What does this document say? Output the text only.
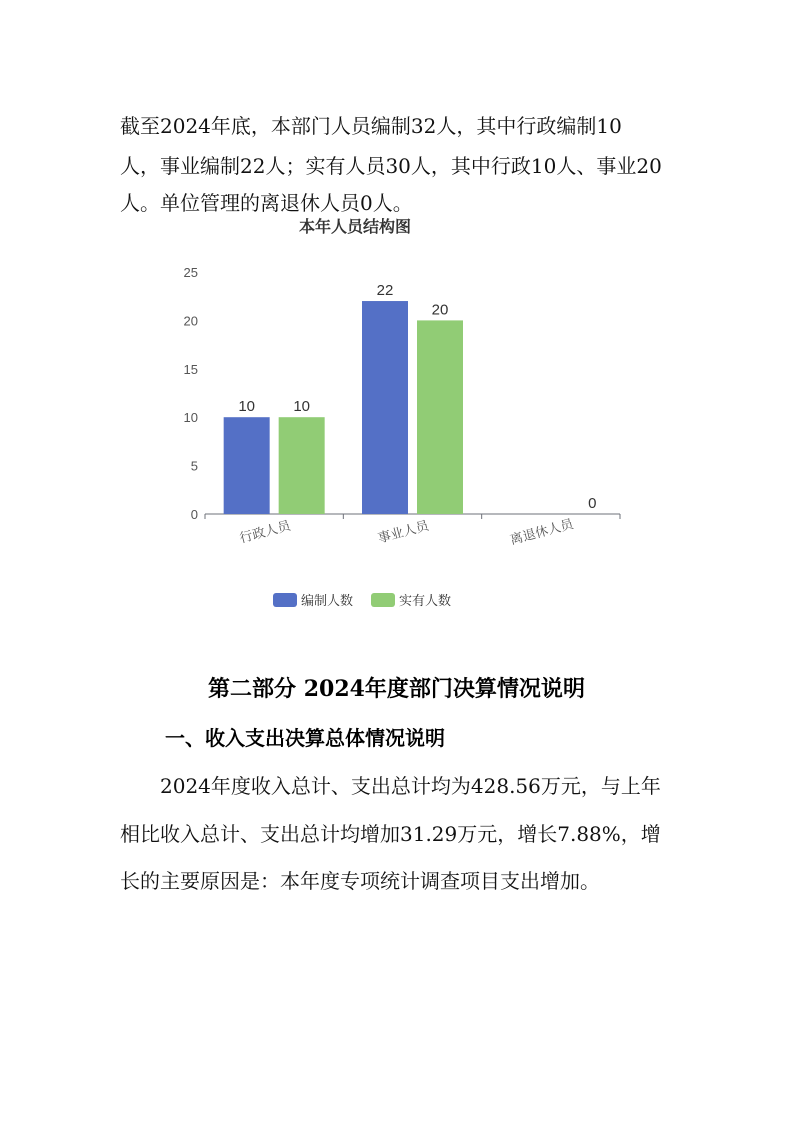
截至2024年底，本部门人员编制32人，其中行政编制10

人，事业编制22人；实有人员30人，其中行政10人、事业20

人。单位管理的离退休人员0人。

本年人员结构图
0
5
10
15
20
25
行政人员	事业人员	离退休人员
10	10
22
20
0
编制人数	实有人数
第二部分 2024年度部门决算情况说明
一、收入支出决算总体情况说明

2024年度收入总计、支出总计均为428.56万元，与上年

相比收入总计、支出总计均增加31.29万元，增长7.88%，增

长的主要原因是：本年度专项统计调查项目支出增加。
